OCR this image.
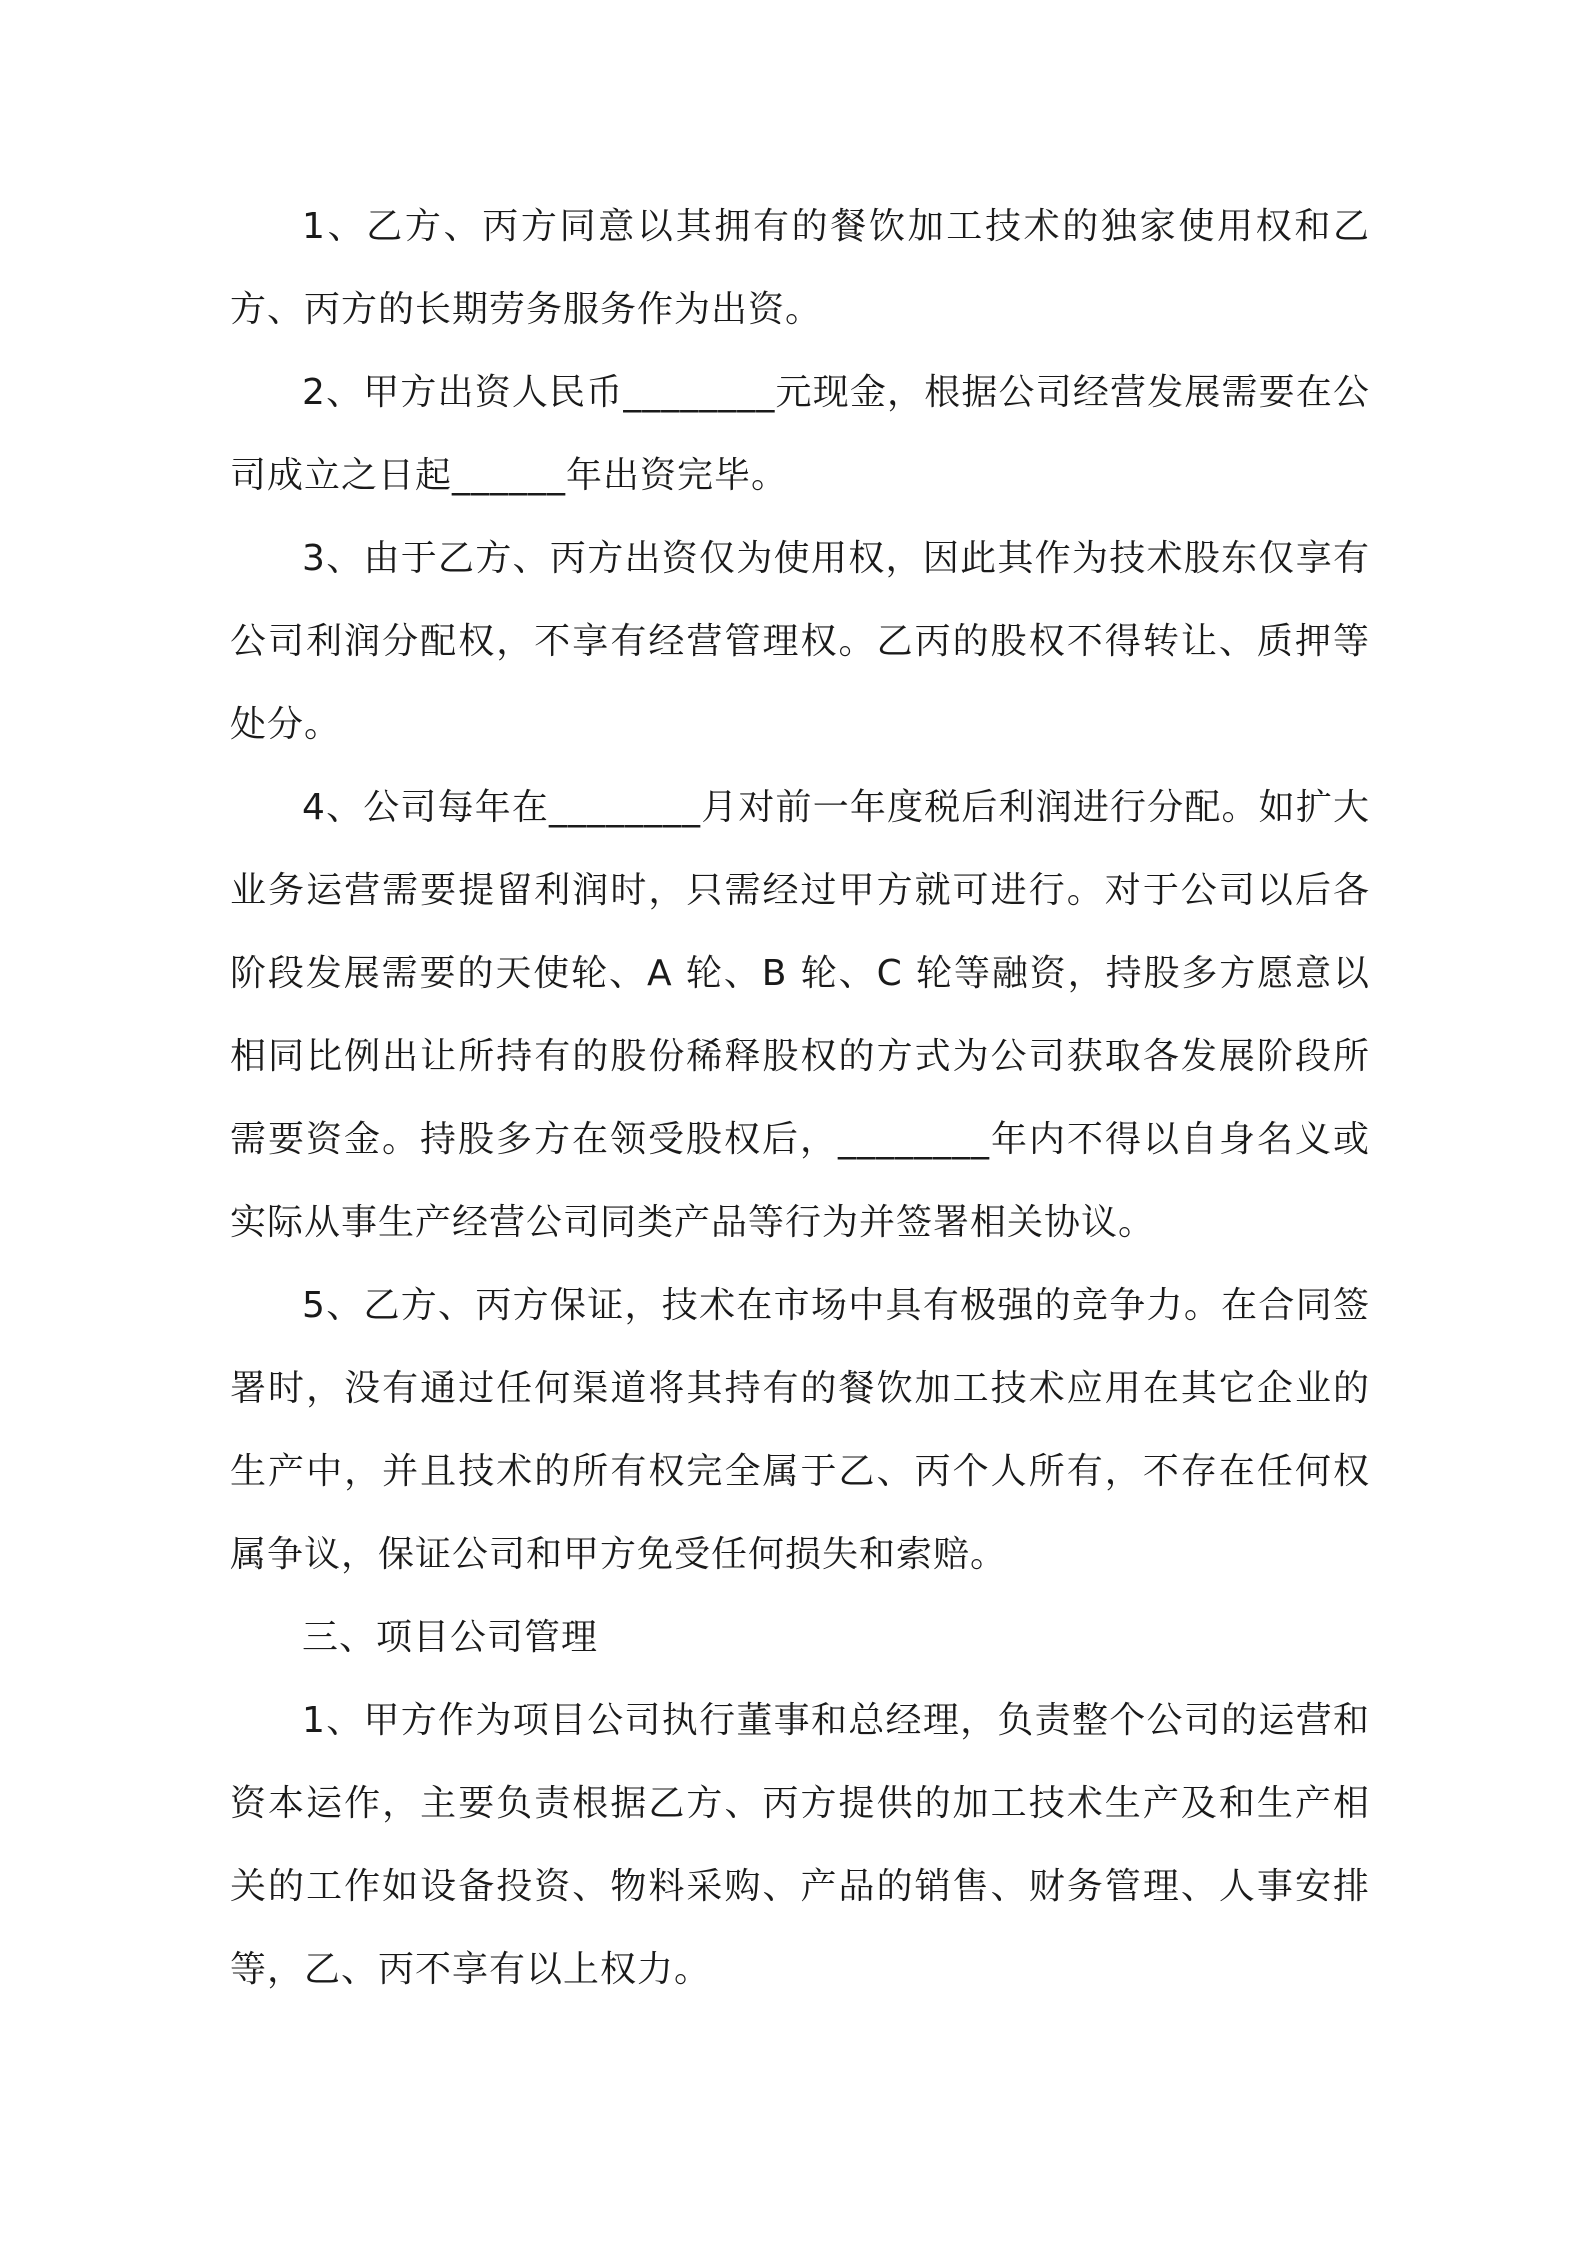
1、乙方、丙方同意以其拥有的餐饮加工技术的独家使用权和乙方、丙方的长期劳务服务作为出资。

2、甲方出资人民币________元现金，根据公司经营发展需要在公司成立之日起______年出资完毕。

3、由于乙方、丙方出资仅为使用权，因此其作为技术股东仅享有公司利润分配权，不享有经营管理权。乙丙的股权不得转让、质押等处分。

4、公司每年在________月对前一年度税后利润进行分配。如扩大业务运营需要提留利润时，只需经过甲方就可进行。对于公司以后各阶段发展需要的天使轮、A 轮、B 轮、C 轮等融资，持股多方愿意以相同比例出让所持有的股份稀释股权的方式为公司获取各发展阶段所需要资金。持股多方在领受股权后，________年内不得以自身名义或实际从事生产经营公司同类产品等行为并签署相关协议。

5、乙方、丙方保证，技术在市场中具有极强的竞争力。在合同签署时，没有通过任何渠道将其持有的餐饮加工技术应用在其它企业的生产中，并且技术的所有权完全属于乙、丙个人所有，不存在任何权属争议，保证公司和甲方免受任何损失和索赔。

三、项目公司管理

1、甲方作为项目公司执行董事和总经理，负责整个公司的运营和资本运作，主要负责根据乙方、丙方提供的加工技术生产及和生产相关的工作如设备投资、物料采购、产品的销售、财务管理、人事安排等，乙、丙不享有以上权力。
